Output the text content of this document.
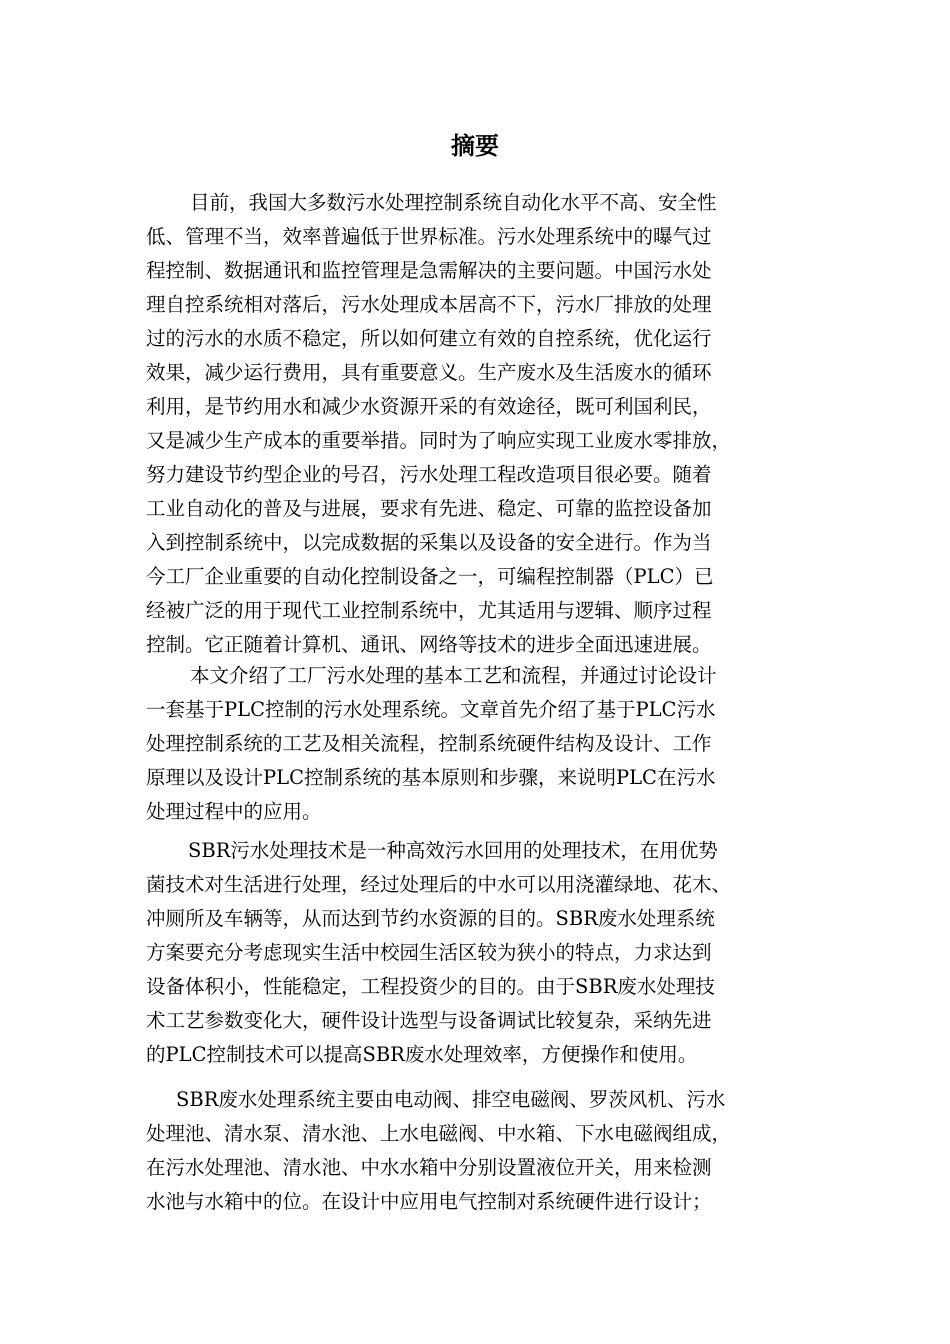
摘要
目前，我国大多数污水处理控制系统自动化水平不高、安全性
低、管理不当，效率普遍低于世界标准。污水处理系统中的曝气过
程控制、数据通讯和监控管理是急需解决的主要问题。中国污水处
理自控系统相对落后，污水处理成本居高不下，污水厂排放的处理
过的污水的水质不稳定，所以如何建立有效的自控系统，优化运行
效果，减少运行费用，具有重要意义。生产废水及生活废水的循环
利用，是节约用水和减少水资源开采的有效途径，既可利国利民，
又是减少生产成本的重要举措。同时为了响应实现工业废水零排放，
努力建设节约型企业的号召，污水处理工程改造项目很必要。随着
工业自动化的普及与进展，要求有先进、稳定、可靠的监控设备加
入到控制系统中，以完成数据的采集以及设备的安全进行。作为当
今工厂企业重要的自动化控制设备之一，可编程控制器（PLC）已
经被广泛的用于现代工业控制系统中，尤其适用与逻辑、顺序过程
控制。它正随着计算机、通讯、网络等技术的进步全面迅速进展。
本文介绍了工厂污水处理的基本工艺和流程，并通过讨论设计
一套基于PLC控制的污水处理系统。文章首先介绍了基于PLC污水
处理控制系统的工艺及相关流程，控制系统硬件结构及设计、工作
原理以及设计PLC控制系统的基本原则和步骤，来说明PLC在污水
处理过程中的应用。
SBR污水处理技术是一种高效污水回用的处理技术，在用优势
菌技术对生活进行处理，经过处理后的中水可以用浇灌绿地、花木、
冲厕所及车辆等，从而达到节约水资源的目的。SBR废水处理系统
方案要充分考虑现实生活中校园生活区较为狭小的特点，力求达到
设备体积小，性能稳定，工程投资少的目的。由于SBR废水处理技
术工艺参数变化大，硬件设计选型与设备调试比较复杂，采纳先进
的PLC控制技术可以提高SBR废水处理效率，方便操作和使用。
SBR废水处理系统主要由电动阀、排空电磁阀、罗茨风机、污水
处理池、清水泵、清水池、上水电磁阀、中水箱、下水电磁阀组成，
在污水处理池、清水池、中水水箱中分别设置液位开关，用来检测
水池与水箱中的位。在设计中应用电气控制对系统硬件进行设计；
